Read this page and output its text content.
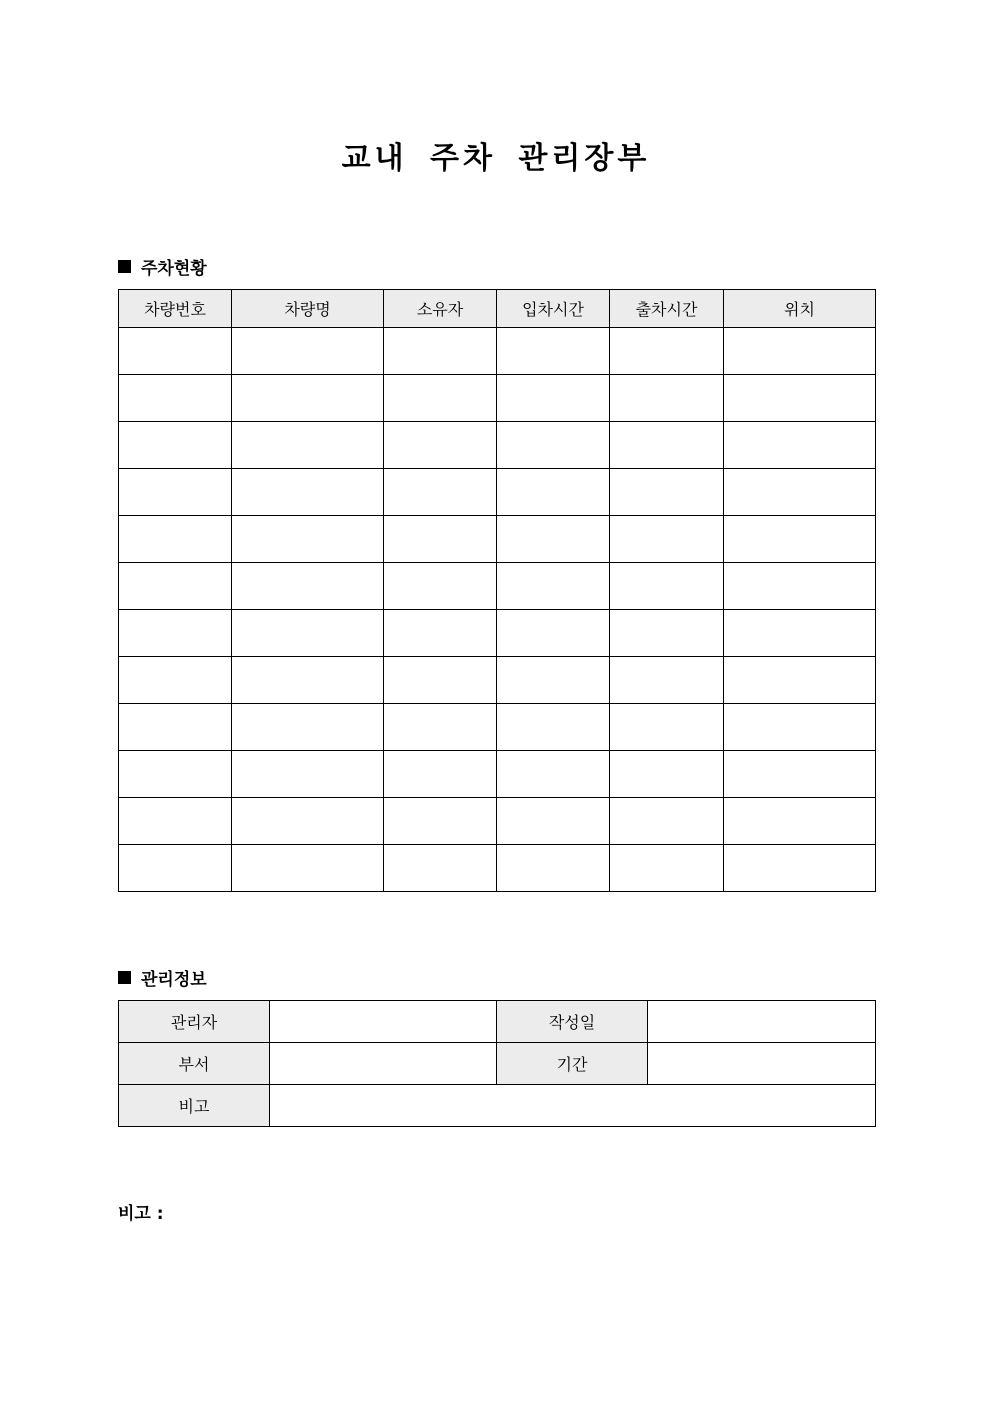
교내 주차 관리장부
주차현황
차량번호	차량명	소유자	입차시간	출차시간	위치

관리정보
관리자		작성일	
부서		기간	
비고			
비고 :
